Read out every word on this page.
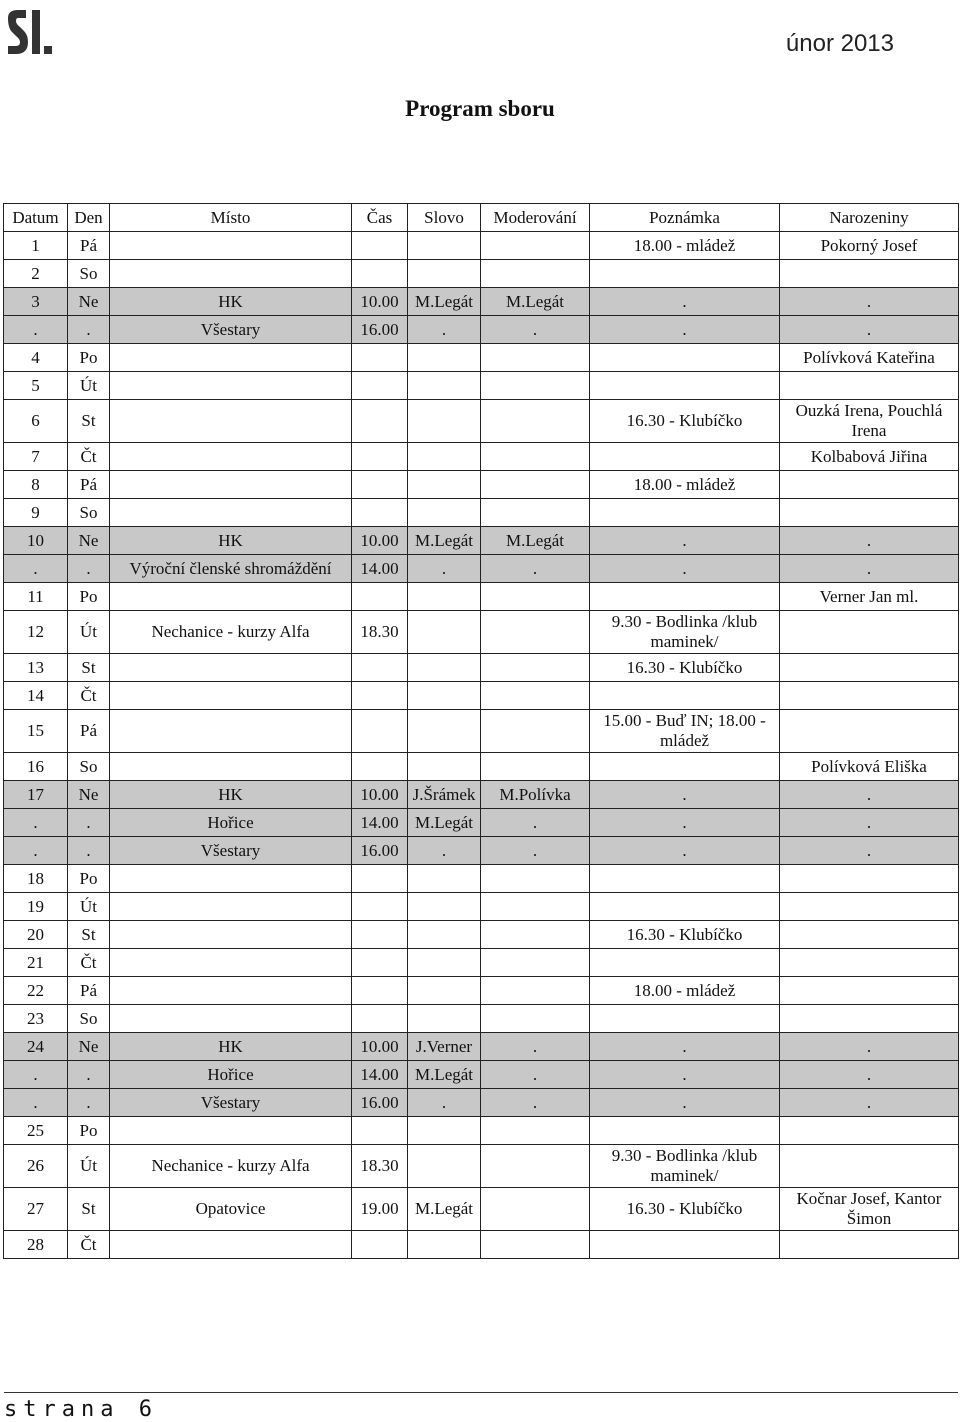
únor 2013
Program sboru
Datum	Den	Místo	Čas	Slovo	Moderování	Poznámka	Narozeniny
1	Pá					18.00 - mládež	Pokorný Josef
2	So						
3	Ne	HK	10.00	M.Legát	M.Legát	.	.
.	.	Všestary	16.00	.	.	.	.
4	Po						Polívková Kateřina
5	Út						
6	St					16.30 - Klubíčko	Ouzká Irena, Pouchlá Irena
7	Čt						Kolbabová Jiřina
8	Pá					18.00 - mládež	
9	So						
10	Ne	HK	10.00	M.Legát	M.Legát	.	.
.	.	Výroční členské shromáždění	14.00	.	.	.	.
11	Po						Verner Jan ml.
12	Út	Nechanice - kurzy Alfa	18.30			9.30 - Bodlinka /klub maminek/	
13	St					16.30 - Klubíčko	
14	Čt						
15	Pá					15.00 - Buď IN; 18.00 - mládež	
16	So						Polívková Eliška
17	Ne	HK	10.00	J.Šrámek	M.Polívka	.	.
.	.	Hořice	14.00	M.Legát	.	.	.
.	.	Všestary	16.00	.	.	.	.
18	Po						
19	Út						
20	St					16.30 - Klubíčko	
21	Čt						
22	Pá					18.00 - mládež	
23	So						
24	Ne	HK	10.00	J.Verner	.	.	.
.	.	Hořice	14.00	M.Legát	.	.	.
.	.	Všestary	16.00	.	.	.	.
25	Po						
26	Út	Nechanice - kurzy Alfa	18.30			9.30 - Bodlinka /klub maminek/	
27	St	Opatovice	19.00	M.Legát		16.30 - Klubíčko	Kočnar Josef, Kantor Šimon
28	Čt						
strana 6
